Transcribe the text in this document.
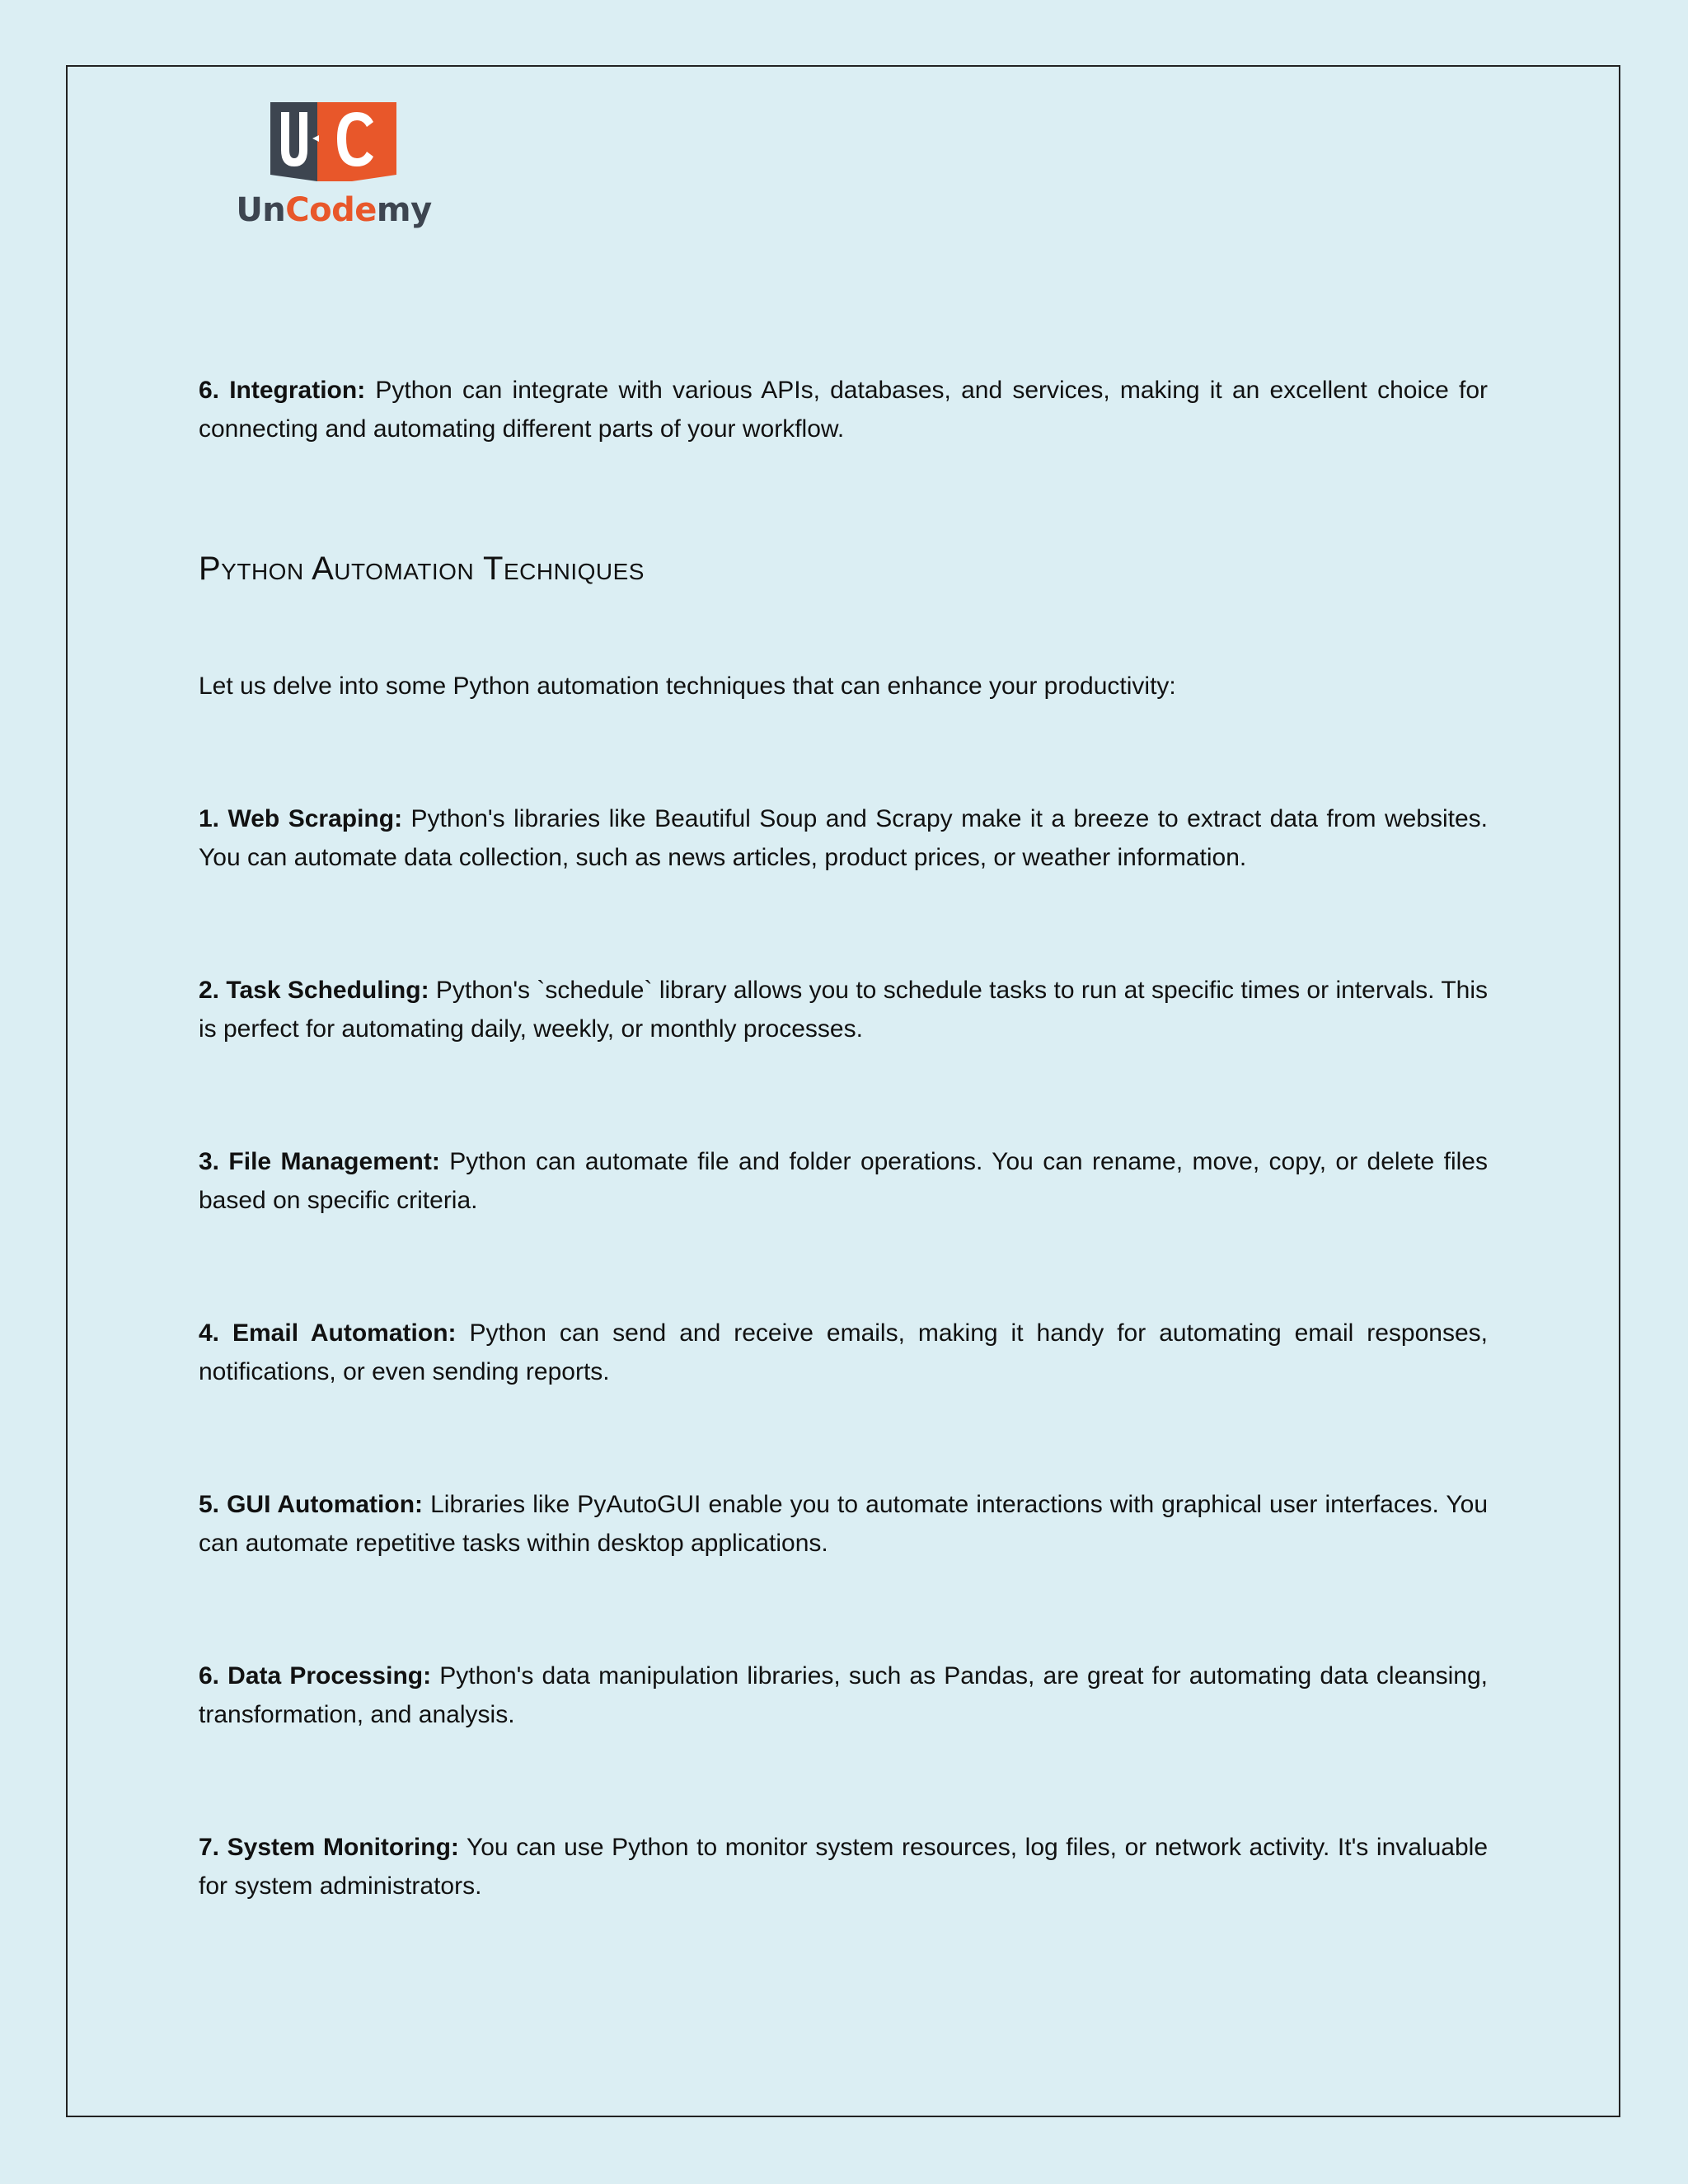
UnCodemy

6. Integration: Python can integrate with various APIs, databases, and services, making it an excellent choice for connecting and automating different parts of your workflow.

Python Automation Techniques

Let us delve into some Python automation techniques that can enhance your productivity:

1. Web Scraping: Python's libraries like Beautiful Soup and Scrapy make it a breeze to extract data from websites. You can automate data collection, such as news articles, product prices, or weather information.

2. Task Scheduling: Python's `schedule` library allows you to schedule tasks to run at specific times or intervals. This is perfect for automating daily, weekly, or monthly processes.

3. File Management: Python can automate file and folder operations. You can rename, move, copy, or delete files based on specific criteria.

4. Email Automation: Python can send and receive emails, making it handy for automating email responses, notifications, or even sending reports.

5. GUI Automation: Libraries like PyAutoGUI enable you to automate interactions with graphical user interfaces. You can automate repetitive tasks within desktop applications.

6. Data Processing: Python's data manipulation libraries, such as Pandas, are great for automating data cleansing, transformation, and analysis.

7. System Monitoring: You can use Python to monitor system resources, log files, or network activity. It's invaluable for system administrators.
